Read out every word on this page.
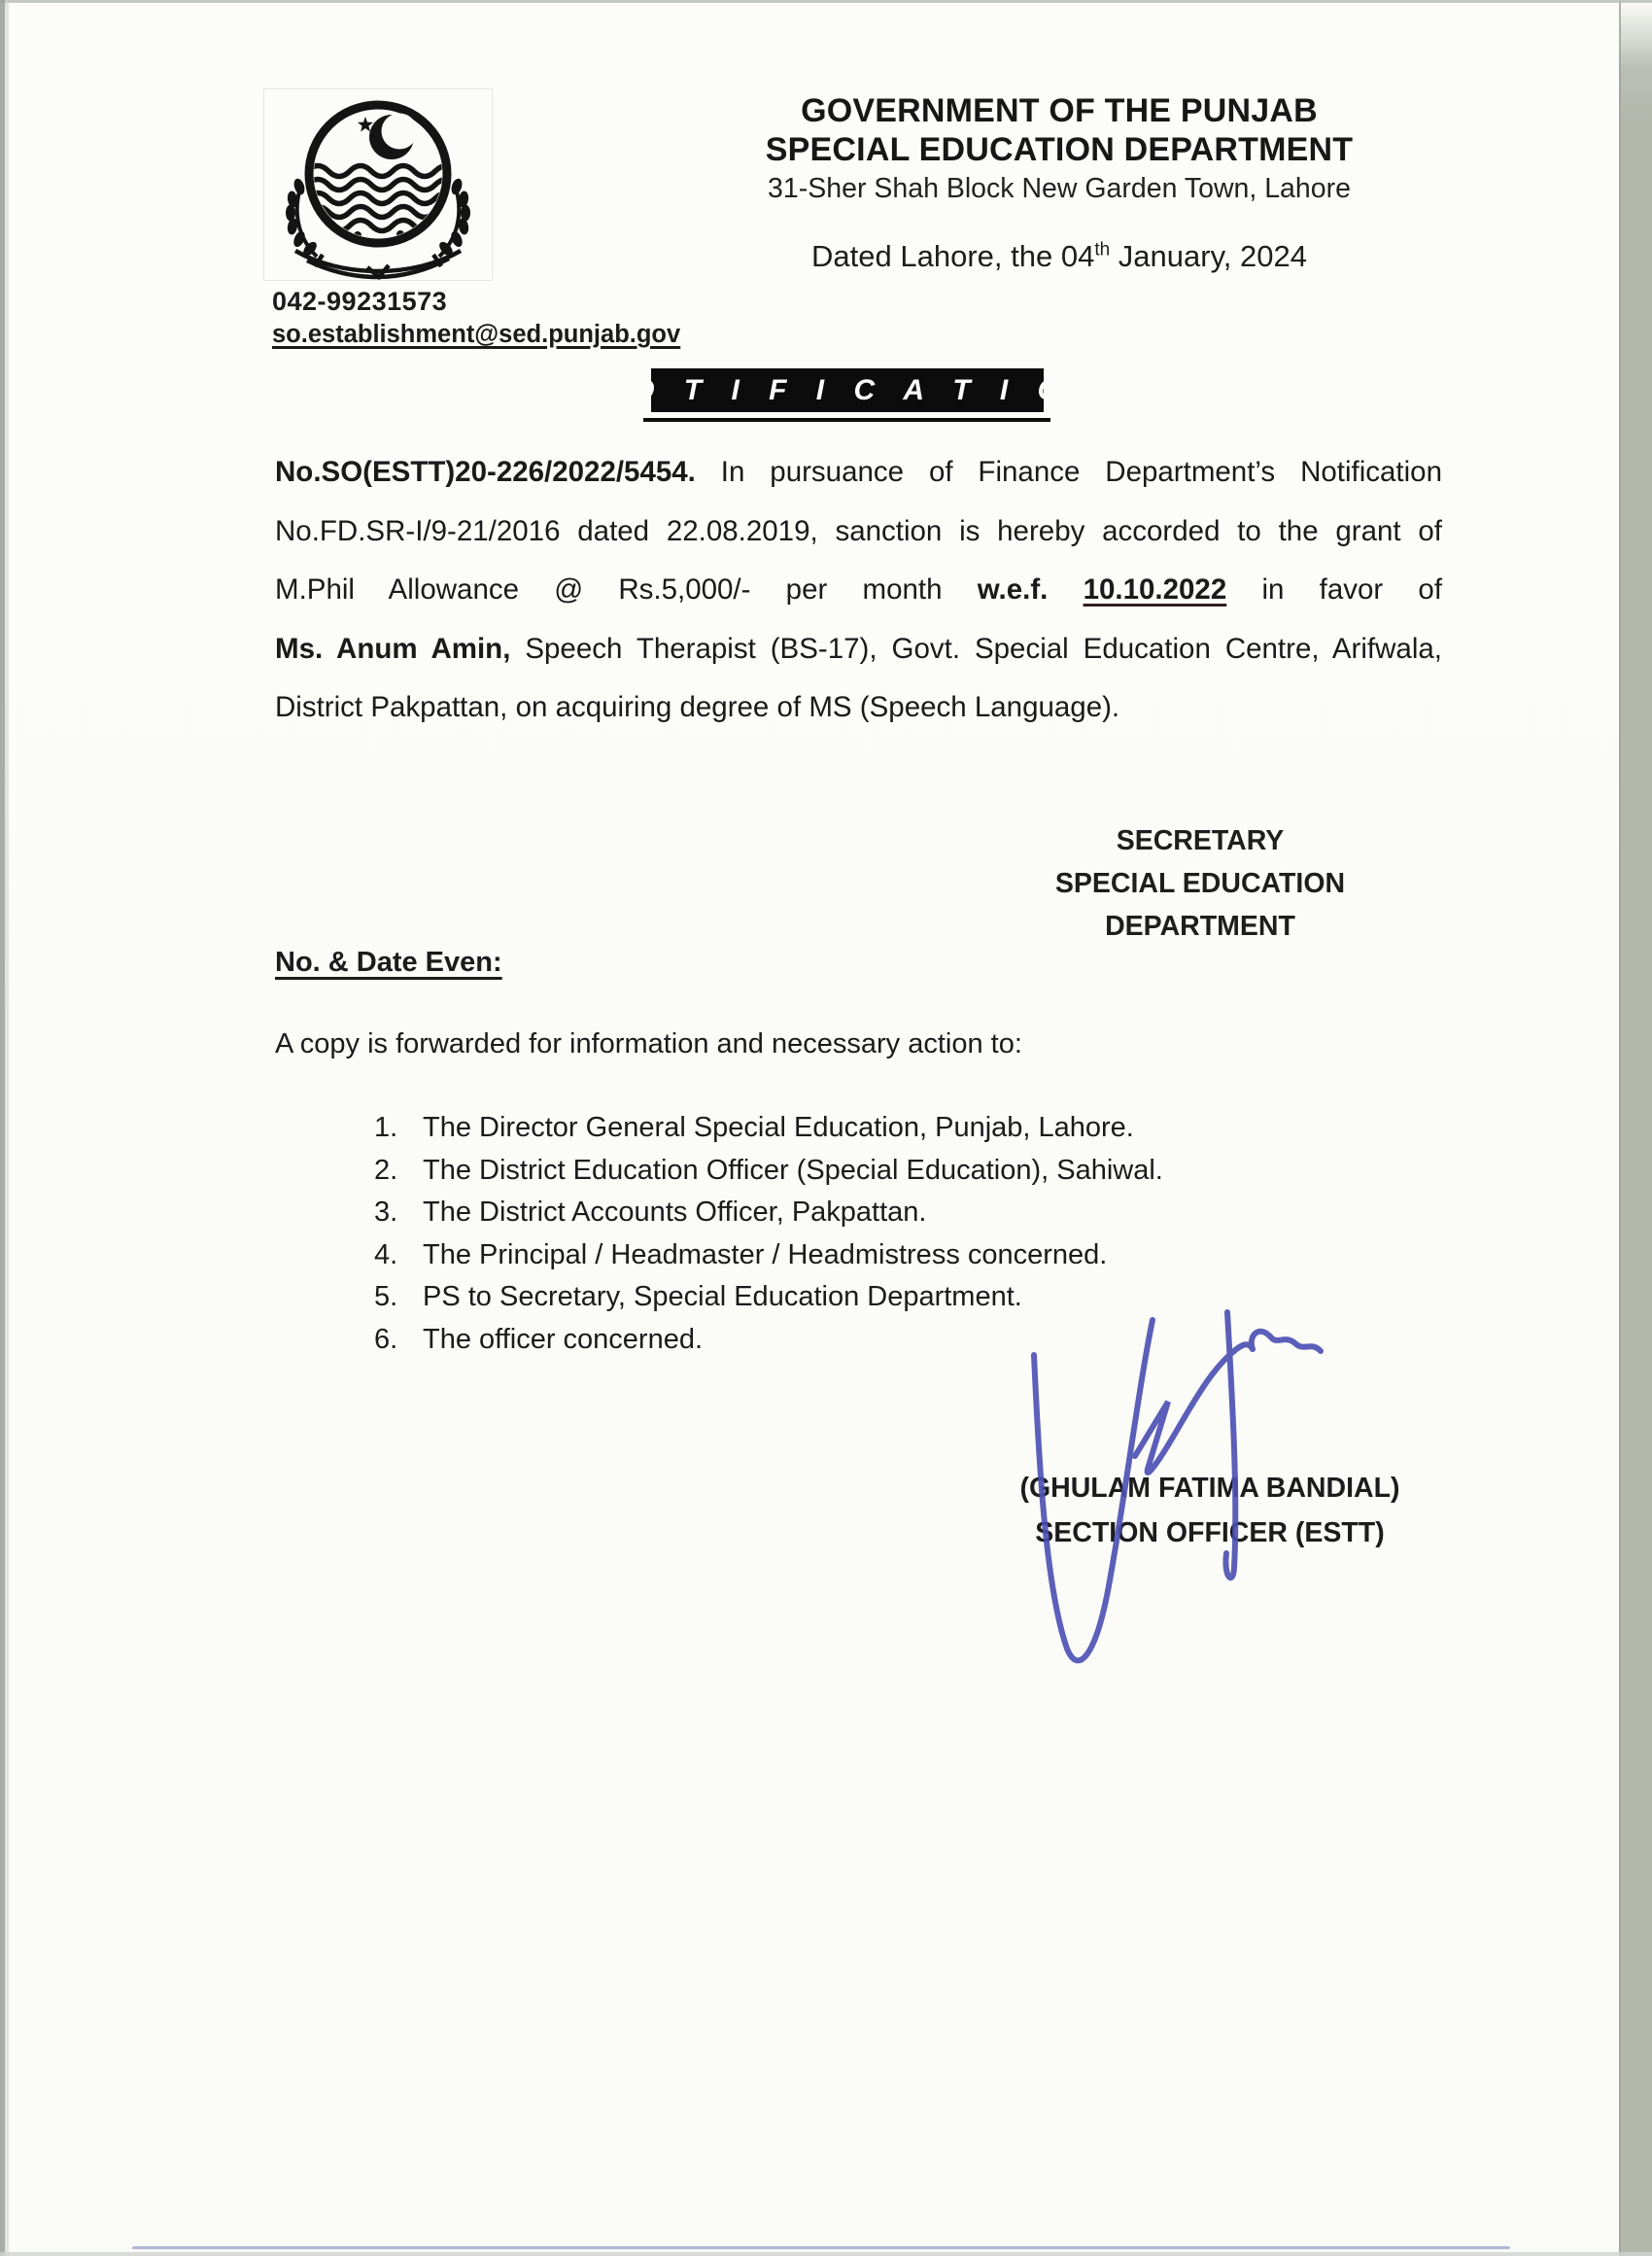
042-99231573
so.establishment@sed.punjab.gov
GOVERNMENT OF THE PUNJAB
SPECIAL EDUCATION DEPARTMENT
31-Sher Shah Block New Garden Town, Lahore
Dated Lahore, the 04th January, 2024
N O T I F I C A T I O N
No.SO(ESTT)20-226/2022/5454. In pursuance of Finance Department’s Notification
No.FD.SR-I/9-21/2016 dated 22.08.2019, sanction is hereby accorded to the grant of
M.Phil Allowance @ Rs.5,000/- per month w.e.f. 10.10.2022 in favor of
Ms. Anum Amin, Speech Therapist (BS-17), Govt. Special Education Centre, Arifwala,
District Pakpattan, on acquiring degree of MS (Speech Language).
SECRETARY
SPECIAL EDUCATION
DEPARTMENT
No. & Date Even:
A copy is forwarded for information and necessary action to:
1. The Director General Special Education, Punjab, Lahore.
2. The District Education Officer (Special Education), Sahiwal.
3. The District Accounts Officer, Pakpattan.
4. The Principal / Headmaster / Headmistress concerned.
5. PS to Secretary, Special Education Department.
6. The officer concerned.
(GHULAM FATIMA BANDIAL)
SECTION OFFICER (ESTT)
